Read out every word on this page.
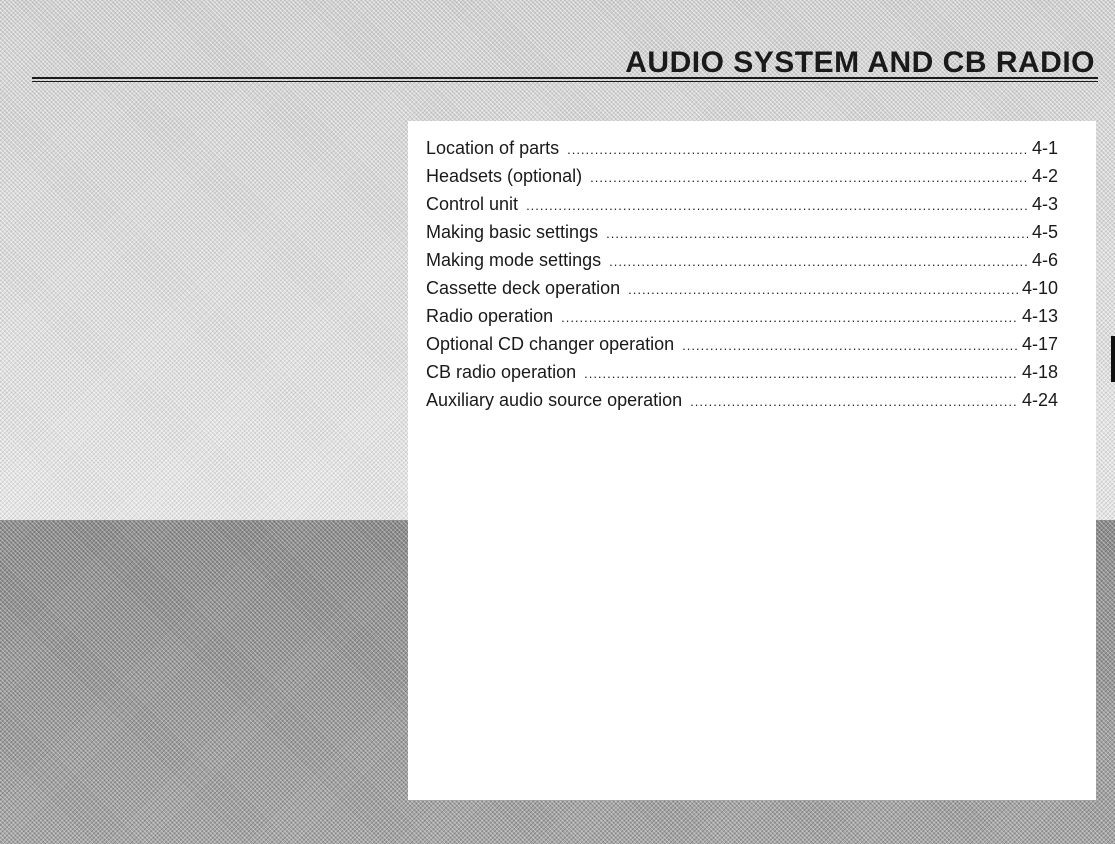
AUDIO SYSTEM AND CB RADIO
Location of parts .....	4-1
Headsets (optional) .....	4-2
Control unit .....	4-3
Making basic settings .....	4-5
Making mode settings .....	4-6
Cassette deck operation .....	4-10
Radio operation .....	4-13
Optional CD changer operation .....	4-17
CB radio operation .....	4-18
Auxiliary audio source operation .....	4-24
